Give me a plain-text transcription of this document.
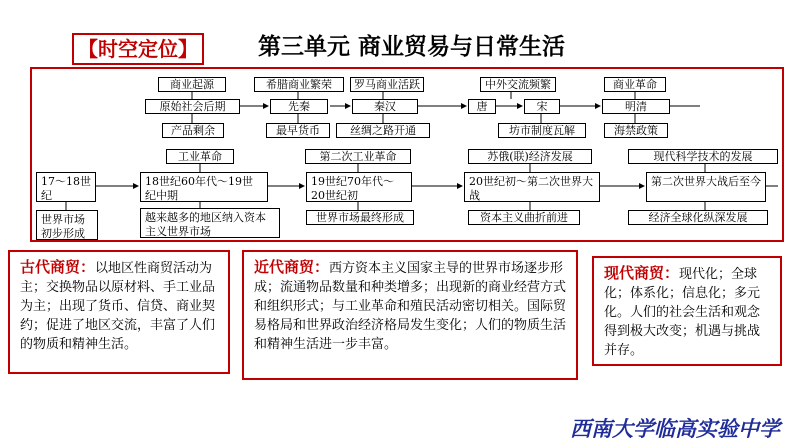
【时空定位】	第三单元 商业贸易与日常生活
商业起源	希腊商业繁荣	罗马商业活跃	中外交流频繁	商业革命
原始社会后期	先秦	秦汉	唐	宋	明清
产品剩余	最早货币	丝绸之路开通	坊市制度瓦解	海禁政策
工业革命	第二次工业革命	苏俄(联)经济发展	现代科学技术的发展
17～18世纪
18世纪60年代～19世纪中期
19世纪70年代～20世纪初
20世纪初～第二次世界大战
第二次世界大战后至今
世界市场初步形成
越来越多的地区纳入资本主义世界市场
世界市场最终形成	资本主义曲折前进	经济全球化纵深发展
古代商贸：以地区性商贸活动为主；交换物品以原材料、手工业品为主；出现了货币、信贷、商业契约；促进了地区交流，丰富了人们的物质和精神生活。
近代商贸：西方资本主义国家主导的世界市场逐步形成；流通物品数量和种类增多；出现新的商业经营方式和组织形式；与工业革命和殖民活动密切相关。国际贸易格局和世界政治经济格局发生变化；人们的物质生活和精神生活进一步丰富。
现代商贸：现代化；全球化；体系化；信息化；多元化。人们的社会生活和观念得到极大改变；机遇与挑战并存。
西南大学临高实验中学
